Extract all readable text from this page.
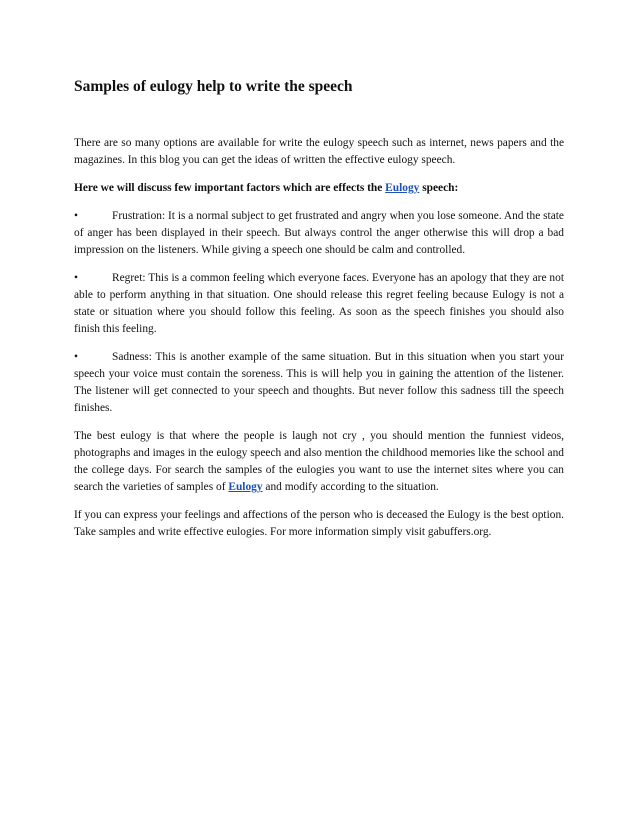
Samples of eulogy help to write the speech

There are so many options are available for write the eulogy speech such as internet, news papers and the magazines. In this blog you can get the ideas of written the effective eulogy speech.

Here we will discuss few important factors which are effects the Eulogy speech:

•	Frustration: It is a normal subject to get frustrated and angry when you lose someone. And the state of anger has been displayed in their speech. But always control the anger otherwise this will drop a bad impression on the listeners. While giving a speech one should be calm and controlled.

•	Regret: This is a common feeling which everyone faces. Everyone has an apology that they are not able to perform anything in that situation. One should release this regret feeling because Eulogy is not a state or situation where you should follow this feeling. As soon as the speech finishes you should also finish this feeling.

•	Sadness: This is another example of the same situation. But in this situation when you start your speech your voice must contain the soreness. This is will help you in gaining the attention of the listener. The listener will get connected to your speech and thoughts. But never follow this sadness till the speech finishes.

The best eulogy is that where the people is laugh not cry , you should mention the funniest videos, photographs and images in the eulogy speech and also mention the childhood memories like the school and the college days. For search the samples of the eulogies you want to use the internet sites where you can search the varieties of samples of Eulogy and modify according to the situation.

If you can express your feelings and affections of the person who is deceased the Eulogy is the best option. Take samples and write effective eulogies. For more information simply visit gabuffers.org.
